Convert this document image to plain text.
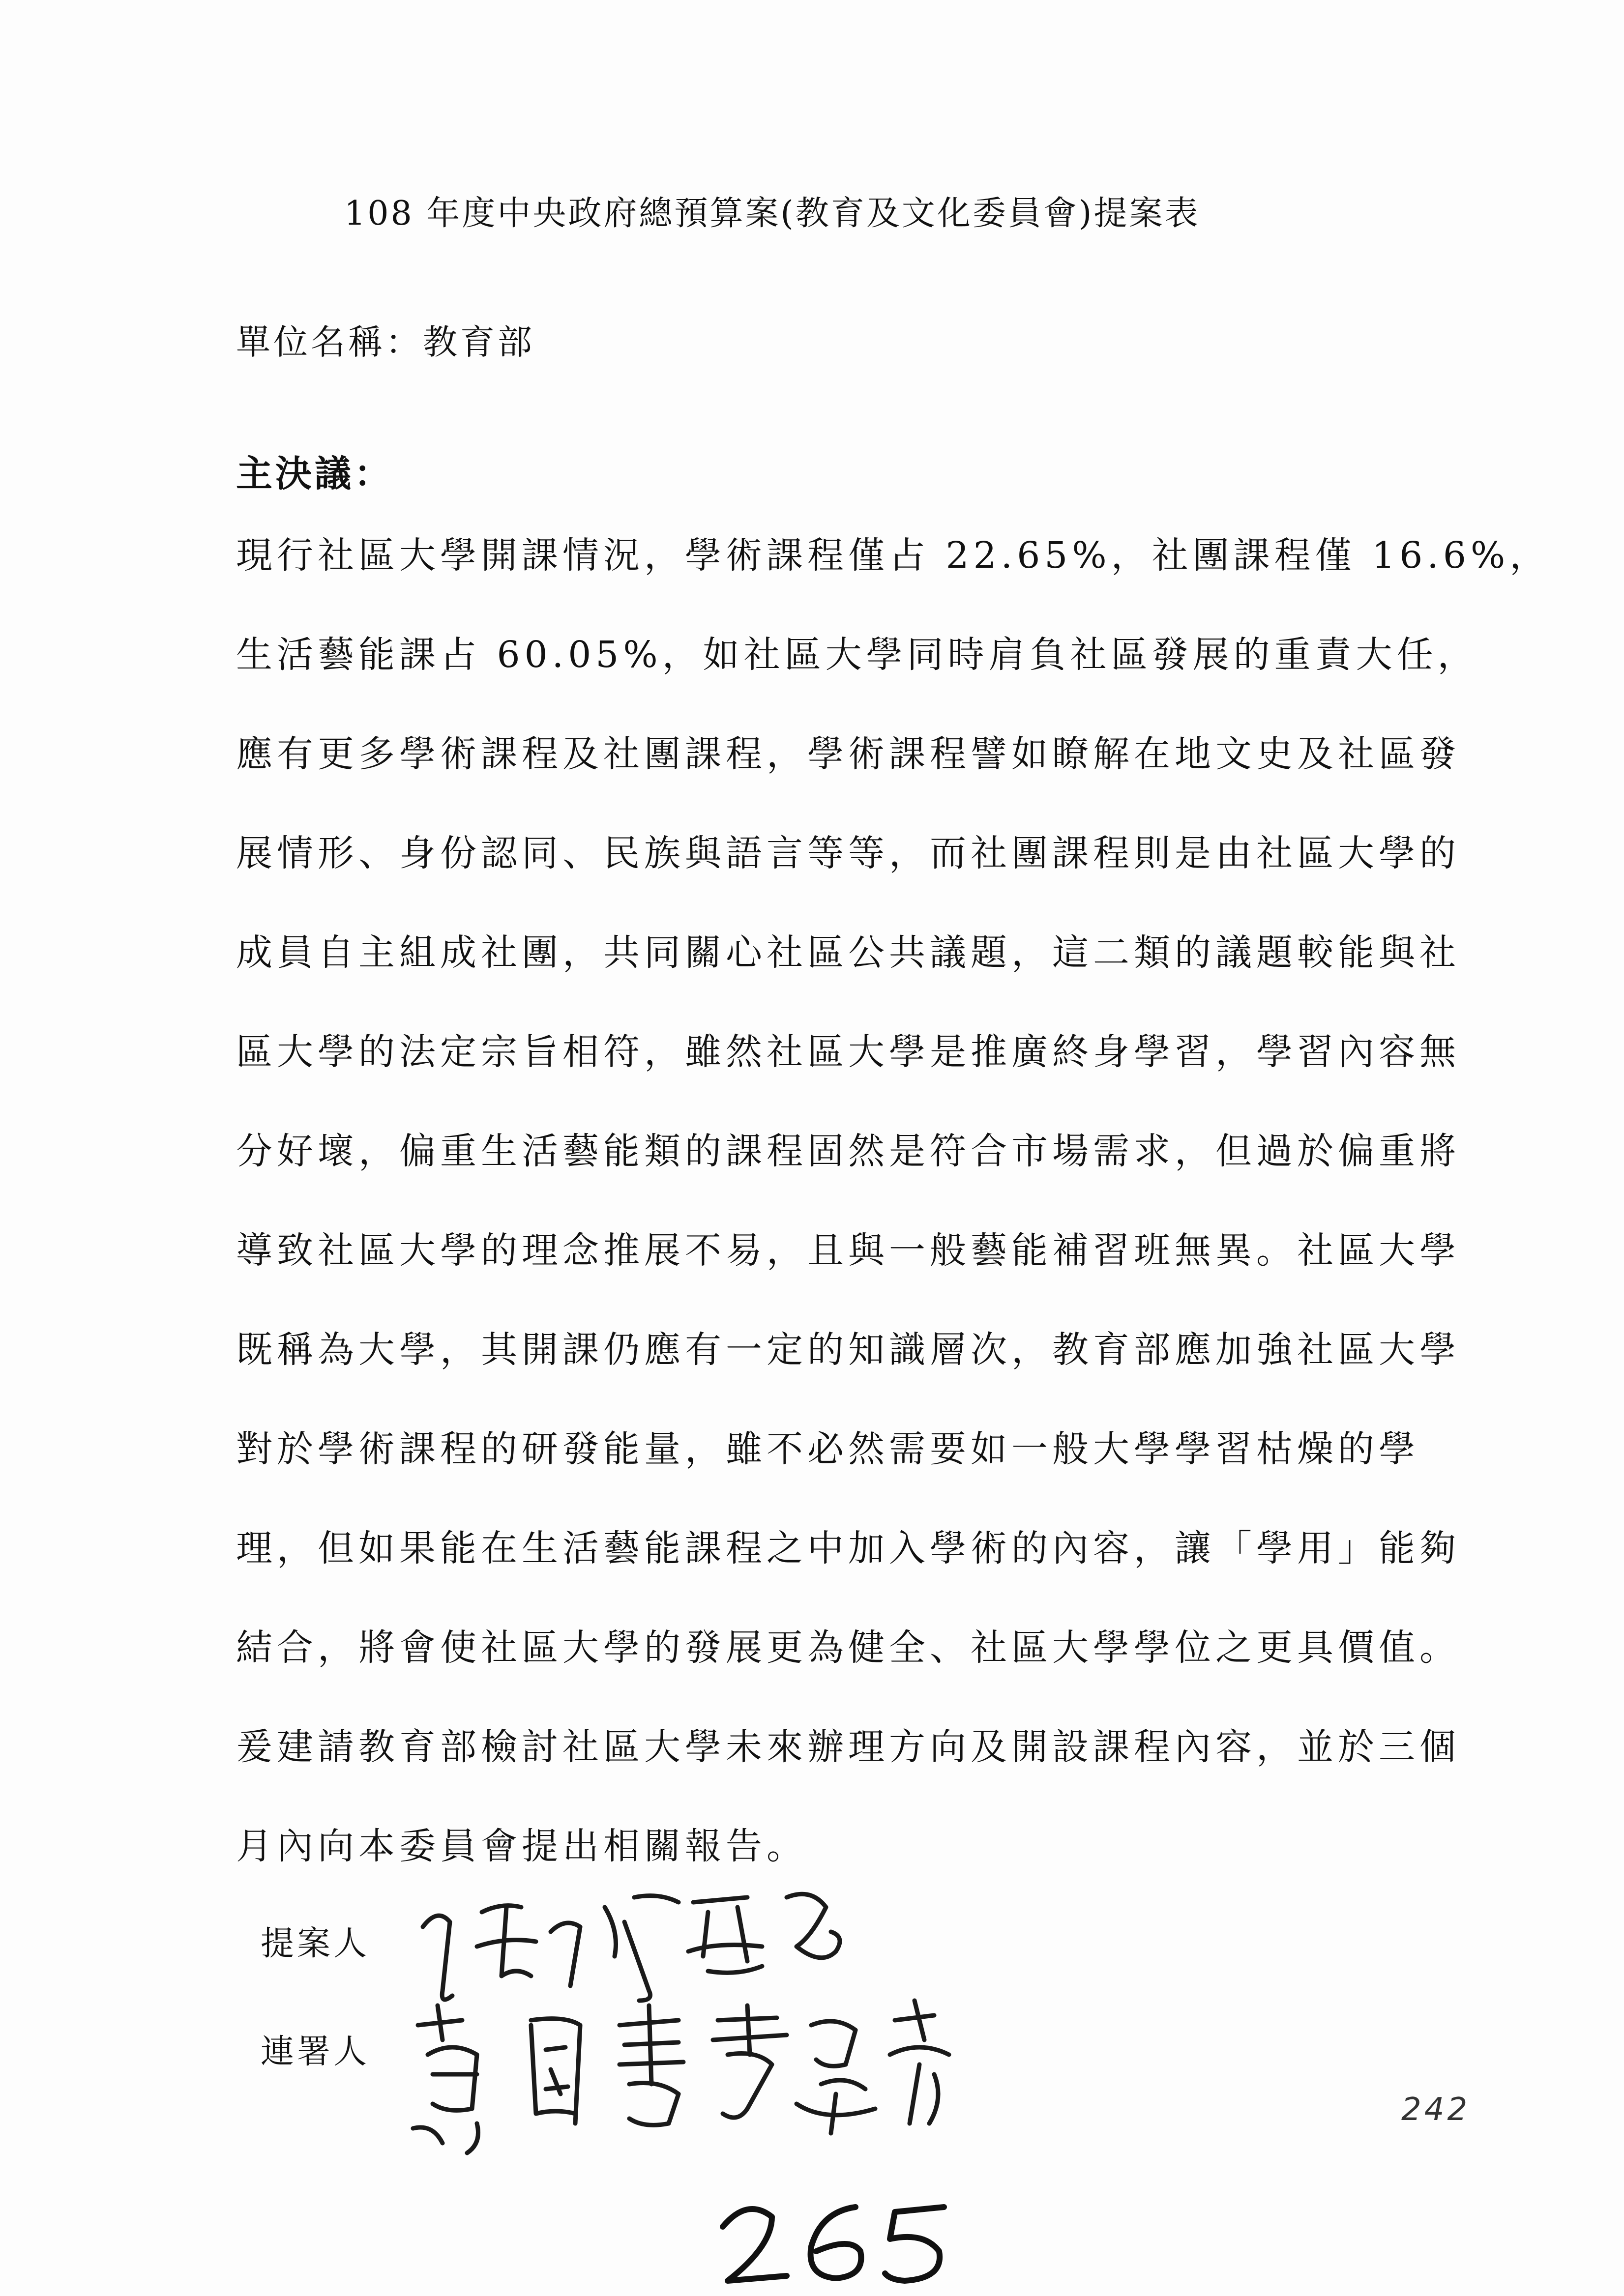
108 年度中央政府總預算案(教育及文化委員會)提案表
單位名稱：教育部
主決議：
現行社區大學開課情況，學術課程僅占 22.65%，社團課程僅 16.6%，
生活藝能課占 60.05%，如社區大學同時肩負社區發展的重責大任，
應有更多學術課程及社團課程，學術課程譬如瞭解在地文史及社區發
展情形、身份認同、民族與語言等等，而社團課程則是由社區大學的
成員自主組成社團，共同關心社區公共議題，這二類的議題較能與社
區大學的法定宗旨相符，雖然社區大學是推廣終身學習，學習內容無
分好壞，偏重生活藝能類的課程固然是符合市場需求，但過於偏重將
導致社區大學的理念推展不易，且與一般藝能補習班無異。社區大學
既稱為大學，其開課仍應有一定的知識層次，教育部應加強社區大學
對於學術課程的研發能量，雖不必然需要如一般大學學習枯燥的學
理，但如果能在生活藝能課程之中加入學術的內容，讓「學用」能夠
結合，將會使社區大學的發展更為健全、社區大學學位之更具價值。
爰建請教育部檢討社區大學未來辦理方向及開設課程內容，並於三個
月內向本委員會提出相關報告。
提案人
連署人
242
